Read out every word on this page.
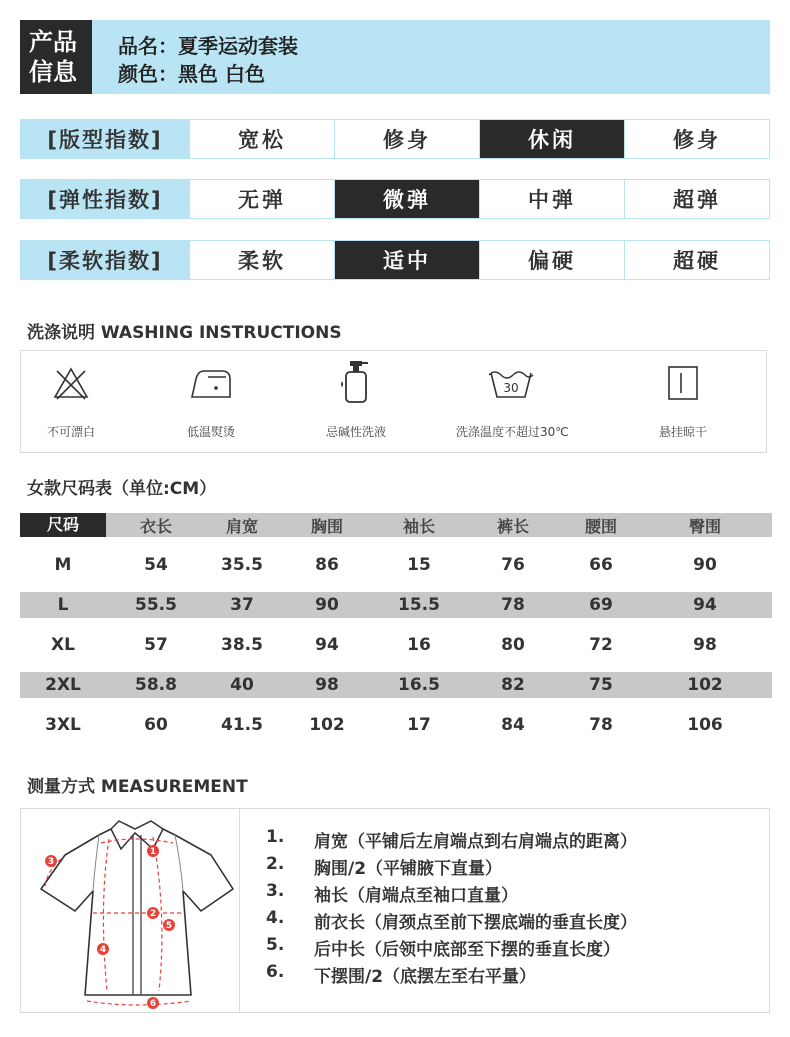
产品
信息
品名：夏季运动套装
颜色：黑色 白色
[版型指数]	宽松	修身	休闲	修身
[弹性指数]	无弹	微弹	中弹	超弹
[柔软指数]	柔软	适中	偏硬	超硬
洗涤说明 WASHING INSTRUCTIONS
不可漂白	低温熨烫	忌碱性洗液
30
洗涤温度不超过30℃	悬挂晾干
女款尺码表（单位:CM）
尺码	衣长	肩宽	胸围	袖长	裤长	腰围	臀围
M	54	35.5	86	15	76	66	90
L	55.5	37	90	15.5	78	69	94
XL	57	38.5	94	16	80	72	98
2XL	58.8	40	98	16.5	82	75	102
3XL	60	41.5	102	17	84	78	106
测量方式 MEASUREMENT
1
2
3
4
5
6
1.	肩宽（平铺后左肩端点到右肩端点的距离）
2.	胸围/2（平铺腋下直量）
3.	袖长（肩端点至袖口直量）
4.	前衣长（肩颈点至前下摆底端的垂直长度）
5.	后中长（后领中底部至下摆的垂直长度）
6.	下摆围/2（底摆左至右平量）
